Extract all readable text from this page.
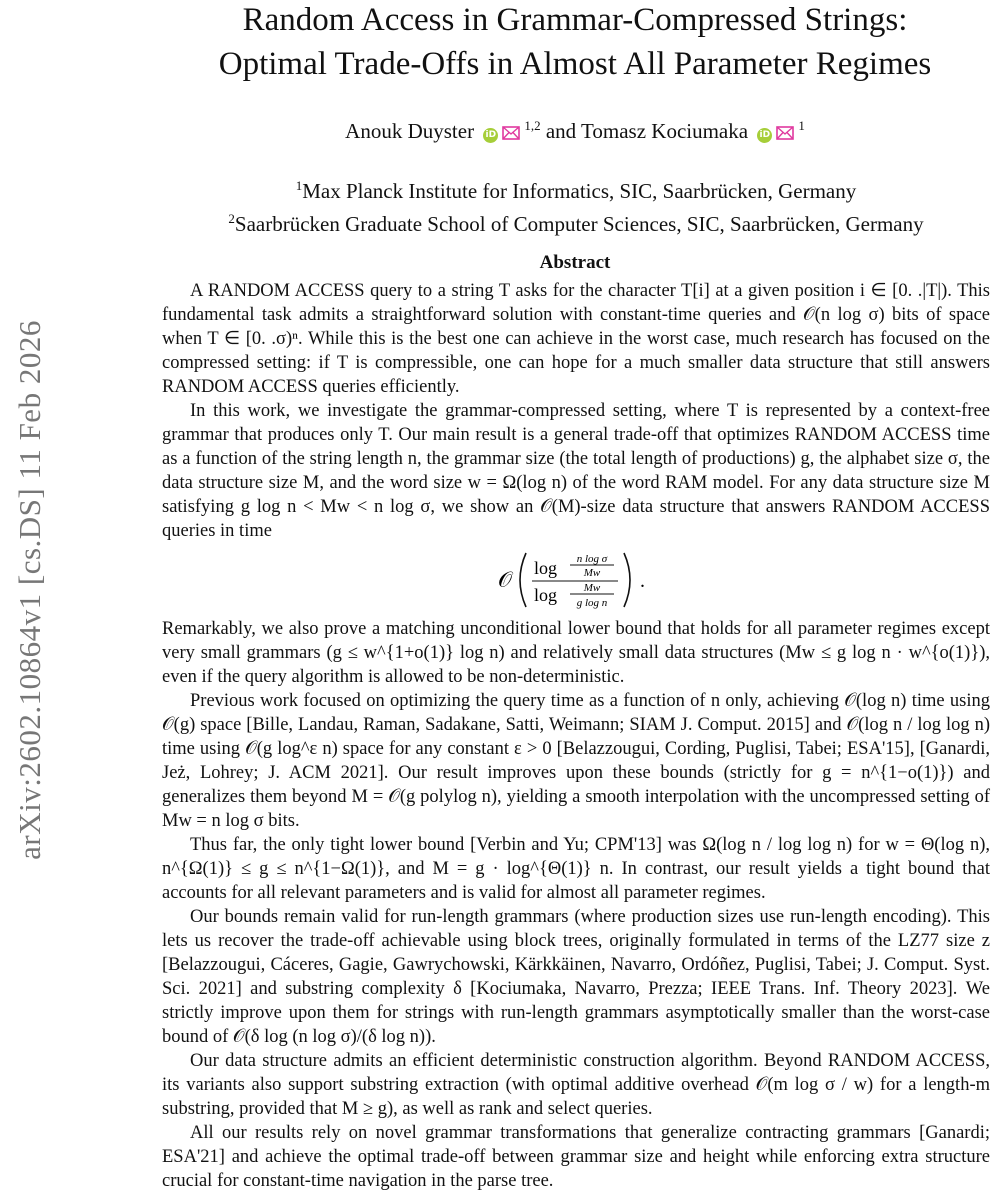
arXiv:2602.10864v1 [cs.DS] 11 Feb 2026
Random Access in Grammar-Compressed Strings:
Optimal Trade-Offs in Almost All Parameter Regimes
Anouk Duyster iD$^{1,2}$ and Tomasz Kociumaka $iD^1$
$^1$Max Planck Institute for Informatics, SIC, Saarbrücken, Germany
$^2$Saarbrücken Graduate School of Computer Sciences, SIC, Saarbrücken, Germany
Abstract

A RANDOM ACCESS query to a string T asks for the character T[i] at a given position i ∈ [0. .|T|). This fundamental task admits a straightforward solution with constant-time queries and 𝒪(n log σ) bits of space when T ∈ [0. .σ)ⁿ. While this is the best one can achieve in the worst case, much research has focused on the compressed setting: if T is compressible, one can hope for a much smaller data structure that still answers RANDOM ACCESS queries efficiently.

In this work, we investigate the grammar-compressed setting, where T is represented by a context-free grammar that produces only T. Our main result is a general trade-off that optimizes RANDOM ACCESS time as a function of the string length n, the grammar size (the total length of productions) g, the alphabet size σ, the data structure size M, and the word size w = Ω(log n) of the word RAM model. For any data structure size M satisfying g log n < Mw < n log σ, we show an 𝒪(M)-size data structure that answers RANDOM ACCESS queries in time

𝒪 log n log σ
Mw
log Mw
g log n
.

Remarkably, we also prove a matching unconditional lower bound that holds for all parameter regimes except very small grammars (g ≤ w^{1+o(1)} log n) and relatively small data structures (Mw ≤ g log n · w^{o(1)}), even if the query algorithm is allowed to be non-deterministic.

Previous work focused on optimizing the query time as a function of n only, achieving 𝒪(log n) time using 𝒪(g) space [Bille, Landau, Raman, Sadakane, Satti, Weimann; SIAM J. Comput. 2015] and 𝒪(log n / log log n) time using 𝒪(g log^ε n) space for any constant ε > 0 [Belazzougui, Cording, Puglisi, Tabei; ESA'15], [Ganardi, Jeż, Lohrey; J. ACM 2021]. Our result improves upon these bounds (strictly for g = n^{1−o(1)}) and generalizes them beyond M = 𝒪(g polylog n), yielding a smooth interpolation with the uncompressed setting of Mw = n log σ bits.

Thus far, the only tight lower bound [Verbin and Yu; CPM'13] was Ω(log n / log log n) for w = Θ(log n), n^{Ω(1)} ≤ g ≤ n^{1−Ω(1)}, and M = g · log^{Θ(1)} n. In contrast, our result yields a tight bound that accounts for all relevant parameters and is valid for almost all parameter regimes.

Our bounds remain valid for run-length grammars (where production sizes use run-length encoding). This lets us recover the trade-off achievable using block trees, originally formulated in terms of the LZ77 size z [Belazzougui, Cáceres, Gagie, Gawrychowski, Kärkkäinen, Navarro, Ordóñez, Puglisi, Tabei; J. Comput. Syst. Sci. 2021] and substring complexity δ [Kociumaka, Navarro, Prezza; IEEE Trans. Inf. Theory 2023]. We strictly improve upon them for strings with run-length grammars asymptotically smaller than the worst-case bound of 𝒪(δ log (n log σ)/(δ log n)).

Our data structure admits an efficient deterministic construction algorithm. Beyond RANDOM ACCESS, its variants also support substring extraction (with optimal additive overhead 𝒪(m log σ / w) for a length-m substring, provided that M ≥ g), as well as rank and select queries.

All our results rely on novel grammar transformations that generalize contracting grammars [Ganardi; ESA'21] and achieve the optimal trade-off between grammar size and height while enforcing extra structure crucial for constant-time navigation in the parse tree.
